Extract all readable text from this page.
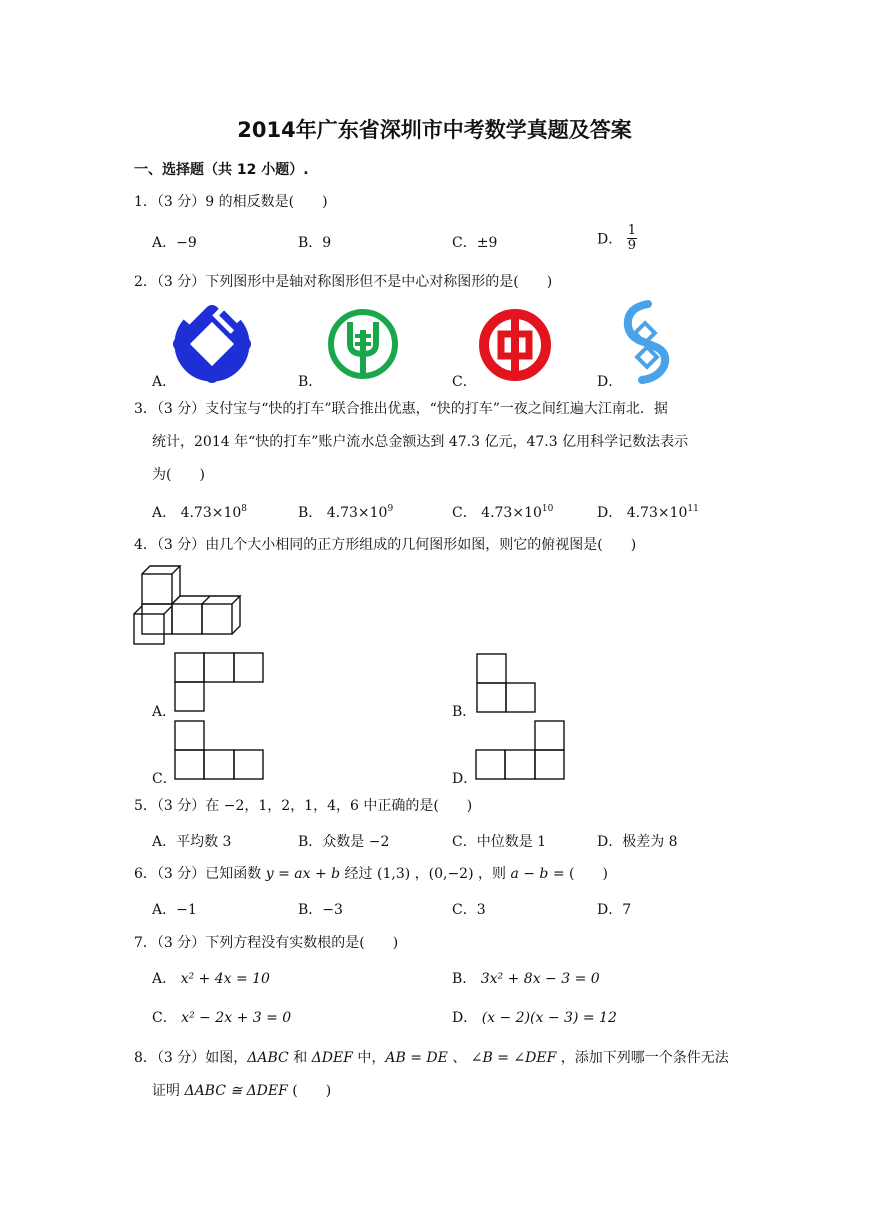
2014年广东省深圳市中考数学真题及答案
一、选择题（共 12 小题）.
1．（3 分）9 的相反数是(　　)
A．−9	B．9	C．±9	D． $\frac{1}{9}$
2．（3 分）下列图形中是轴对称图形但不是中心对称图形的是(　　)
A．	B．	C．	D．
3．（3 分）支付宝与“快的打车”联合推出优惠，“快的打车”一夜之间红遍大江南北．据
统计，2014 年“快的打车”账户流水总金额达到 47.3 亿元，47.3 亿用科学记数法表示
为(　　)
A． $4.73\times 10^8$	B． $4.73\times 10^9$	C． $4.73\times 10^{10}$	D． $4.73\times 10^{11}$
4．（3 分）由几个大小相同的正方形组成的几何图形如图，则它的俯视图是(　　)
A．	B．
C．	D．
5．（3 分）在 −2，1，2，1，4，6 中正确的是(　　)
A．平均数 3	B．众数是 −2	C．中位数是 1	D．极差为 8
6．（3 分）已知函数 y = ax + b 经过 (1,3) ，(0,−2) ，则 a − b = (　　)
A．−1	B．−3	C．3	D．7
7．（3 分）下列方程没有实数根的是(　　)
A． x² + 4x = 10	B． 3x² + 8x − 3 = 0
C． x² − 2x + 3 = 0	D． (x − 2)(x − 3) = 12
8．（3 分）如图，ΔABC 和 ΔDEF 中，AB = DE 、 ∠B = ∠DEF ，添加下列哪一个条件无法
证明 ΔABC ≅ ΔDEF (　　)
